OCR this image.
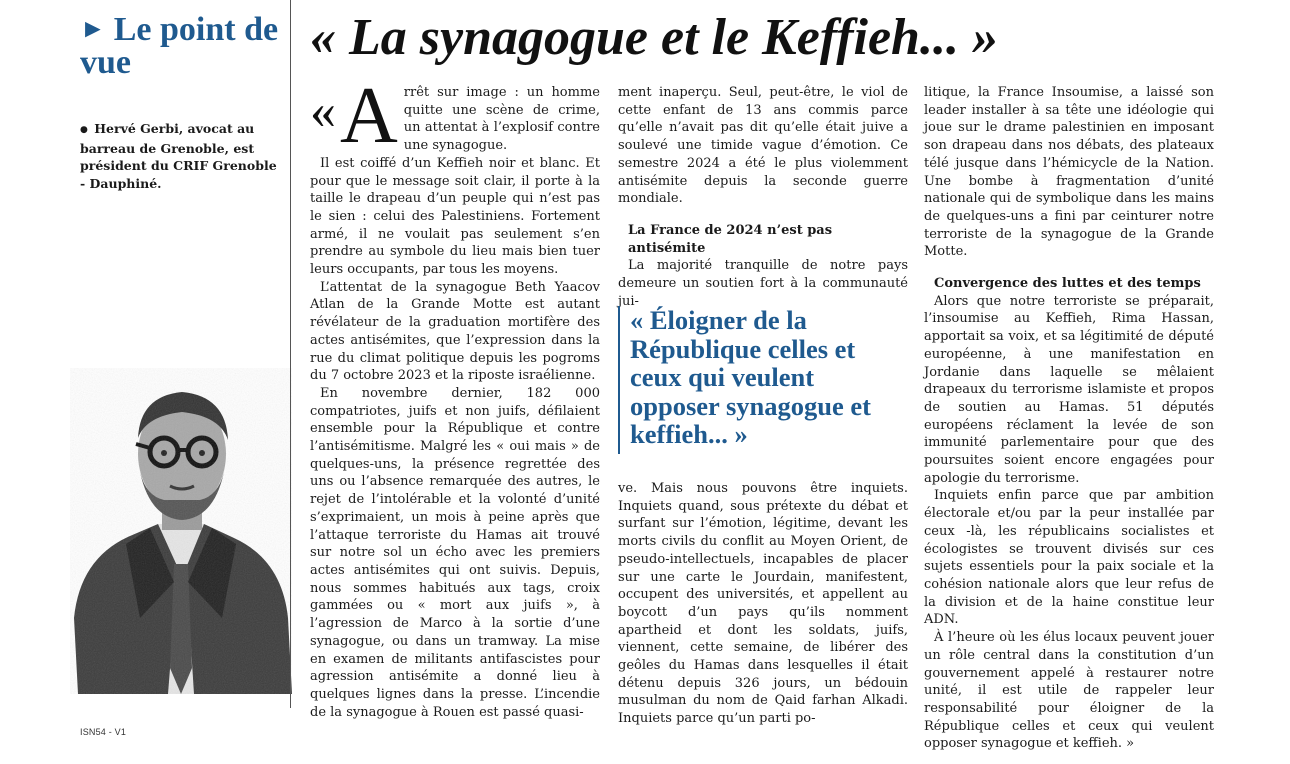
► Le point de vue

● Hervé Gerbi, avocat au barreau de Grenoble, est président du CRIF Grenoble - Dauphiné.

« La synagogue et le Keffieh... »

« A rrêt sur image : un homme quitte une scène de crime, un attentat à l’explosif contre une synagogue.

Il est coiffé d’un Keffieh noir et blanc. Et pour que le message soit clair, il porte à la taille le drapeau d’un peuple qui n’est pas le sien : celui des Palestiniens. Fortement armé, il ne voulait pas seulement s’en prendre au symbole du lieu mais bien tuer leurs occupants, par tous les moyens.

L’attentat de la synagogue Beth Yaacov Atlan de la Grande Motte est autant révélateur de la graduation mortifère des actes antisémites, que l’expression dans la rue du climat politique depuis les pogroms du 7 octobre 2023 et la riposte israélienne.

En novembre dernier, 182 000 compatriotes, juifs et non juifs, défilaient ensemble pour la République et contre l’antisémitisme. Malgré les « oui mais » de quelques-uns, la présence regrettée des uns ou l’absence remarquée des autres, le rejet de l’intolérable et la volonté d’unité s’exprimaient, un mois à peine après que l’attaque terroriste du Hamas ait trouvé sur notre sol un écho avec les premiers actes antisémites qui ont suivis. Depuis, nous sommes habitués aux tags, croix gammées ou « mort aux juifs », à l’agression de Marco à la sortie d’une synagogue, ou dans un tramway. La mise en examen de militants antifascistes pour agression antisémite a donné lieu à quelques lignes dans la presse. L’incendie de la synagogue à Rouen est passé quasi-

ment inaperçu. Seul, peut-être, le viol de cette enfant de 13 ans commis parce qu’elle n’avait pas dit qu’elle était juive a soulevé une timide vague d’émotion. Ce semestre 2024 a été le plus violemment antisémite depuis la seconde guerre mondiale.

La France de 2024 n’est pas antisémite

La majorité tranquille de notre pays demeure un soutien fort à la communauté jui-

« Éloigner de la République celles et ceux qui veulent opposer synagogue et keffieh... »

ve. Mais nous pouvons être inquiets. Inquiets quand, sous prétexte du débat et surfant sur l’émotion, légitime, devant les morts civils du conflit au Moyen Orient, de pseudo-intellectuels, incapables de placer sur une carte le Jourdain, manifestent, occupent des universités, et appellent au boycott d’un pays qu’ils nomment apartheid et dont les soldats, juifs, viennent, cette semaine, de libérer des geôles du Hamas dans lesquelles il était détenu depuis 326 jours, un bédouin musulman du nom de Qaid farhan Alkadi. Inquiets parce qu’un parti po-

litique, la France Insoumise, a laissé son leader installer à sa tête une idéologie qui joue sur le drame palestinien en imposant son drapeau dans nos débats, des plateaux télé jusque dans l’hémicycle de la Nation. Une bombe à fragmentation d’unité nationale qui de symbolique dans les mains de quelques-uns a fini par ceinturer notre terroriste de la synagogue de la Grande Motte.

Convergence des luttes et des temps

Alors que notre terroriste se préparait, l’insoumise au Keffieh, Rima Hassan, apportait sa voix, et sa légitimité de député européenne, à une manifestation en Jordanie dans laquelle se mêlaient drapeaux du terrorisme islamiste et propos de soutien au Hamas. 51 députés européens réclament la levée de son immunité parlementaire pour que des poursuites soient encore engagées pour apologie du terrorisme.

Inquiets enfin parce que par ambition électorale et/ou par la peur installée par ceux -là, les républicains socialistes et écologistes se trouvent divisés sur ces sujets essentiels pour la paix sociale et la cohésion nationale alors que leur refus de la division et de la haine constitue leur ADN.

À l’heure où les élus locaux peuvent jouer un rôle central dans la constitution d’un gouvernement appelé à restaurer notre unité, il est utile de rappeler leur responsabilité pour éloigner de la République celles et ceux qui veulent opposer synagogue et keffieh. »

ISN54 - V1
